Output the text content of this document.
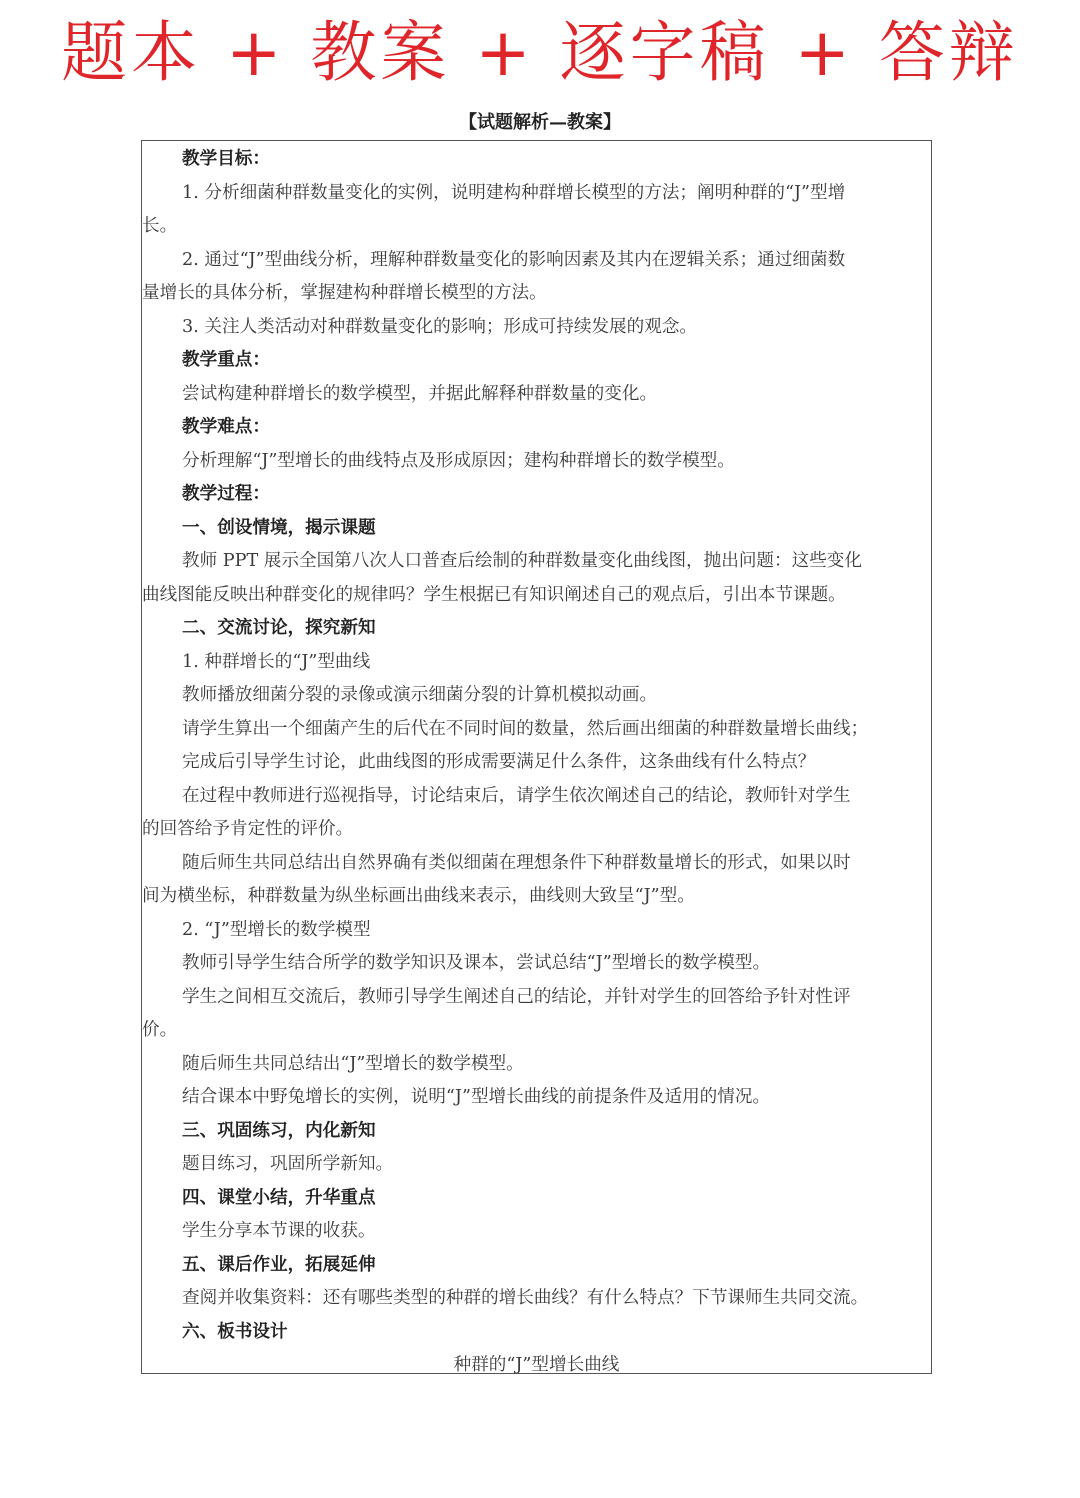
题本 + 教案 + 逐字稿 + 答辩
【试题解析—教案】

教学目标：

1. 分析细菌种群数量变化的实例，说明建构种群增长模型的方法；阐明种群的“J”型增

长。

2. 通过“J”型曲线分析，理解种群数量变化的影响因素及其内在逻辑关系；通过细菌数

量增长的具体分析，掌握建构种群增长模型的方法。

3. 关注人类活动对种群数量变化的影响；形成可持续发展的观念。

教学重点：

尝试构建种群增长的数学模型，并据此解释种群数量的变化。

教学难点：

分析理解“J”型增长的曲线特点及形成原因；建构种群增长的数学模型。

教学过程：

一、创设情境，揭示课题

教师 PPT 展示全国第八次人口普查后绘制的种群数量变化曲线图，抛出问题：这些变化

曲线图能反映出种群变化的规律吗？学生根据已有知识阐述自己的观点后，引出本节课题。

二、交流讨论，探究新知

1. 种群增长的“J”型曲线

教师播放细菌分裂的录像或演示细菌分裂的计算机模拟动画。

请学生算出一个细菌产生的后代在不同时间的数量，然后画出细菌的种群数量增长曲线；

完成后引导学生讨论，此曲线图的形成需要满足什么条件，这条曲线有什么特点？

在过程中教师进行巡视指导，讨论结束后，请学生依次阐述自己的结论，教师针对学生

的回答给予肯定性的评价。

随后师生共同总结出自然界确有类似细菌在理想条件下种群数量增长的形式，如果以时

间为横坐标，种群数量为纵坐标画出曲线来表示，曲线则大致呈“J”型。

2. “J”型增长的数学模型

教师引导学生结合所学的数学知识及课本，尝试总结“J”型增长的数学模型。

学生之间相互交流后，教师引导学生阐述自己的结论，并针对学生的回答给予针对性评

价。

随后师生共同总结出“J”型增长的数学模型。

结合课本中野兔增长的实例，说明“J”型增长曲线的前提条件及适用的情况。

三、巩固练习，内化新知

题目练习，巩固所学新知。

四、课堂小结，升华重点

学生分享本节课的收获。

五、课后作业，拓展延伸

查阅并收集资料：还有哪些类型的种群的增长曲线？有什么特点？下节课师生共同交流。

六、板书设计

种群的“J”型增长曲线
